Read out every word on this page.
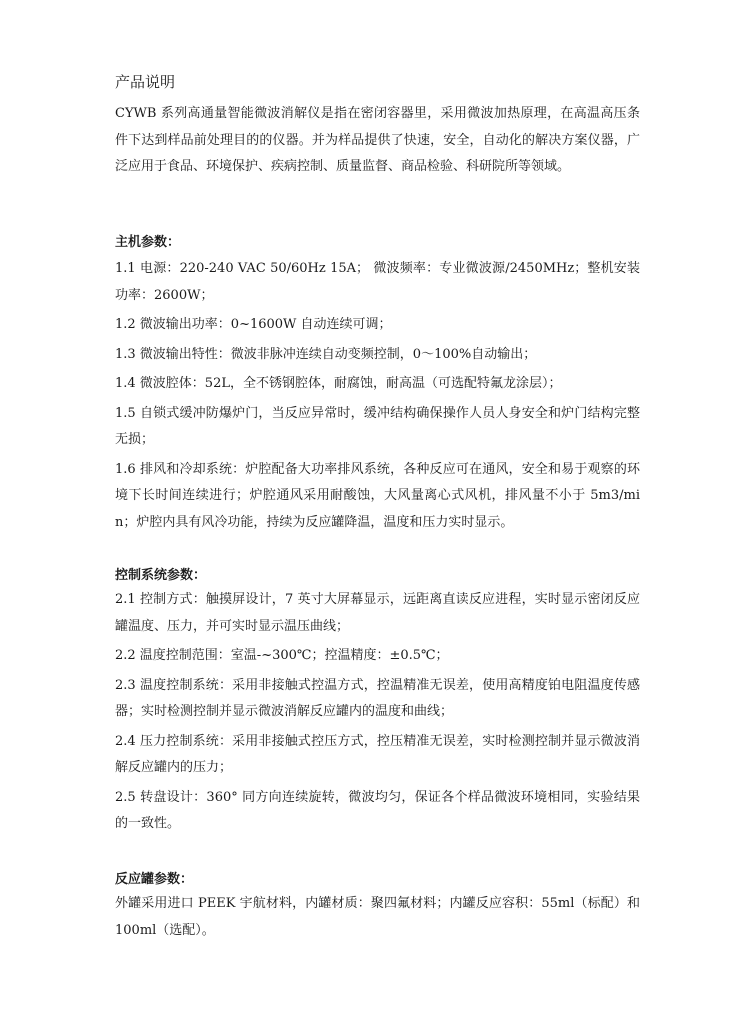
产品说明

CYWB 系列高通量智能微波消解仪是指在密闭容器里，采用微波加热原理，在高温高压条件下达到样品前处理目的的仪器。并为样品提供了快速，安全，自动化的解决方案仪器，广泛应用于食品、环境保护、疾病控制、质量监督、商品检验、科研院所等领域。

主机参数：

1.1 电源：220-240 VAC 50/60Hz 15A； 微波频率：专业微波源/2450MHz；整机安装功率：2600W；

1.2 微波输出功率：0~1600W 自动连续可调；

1.3 微波输出特性：微波非脉冲连续自动变频控制，0～100%自动输出；

1.4 微波腔体：52L，全不锈钢腔体，耐腐蚀，耐高温（可选配特氟龙涂层）；

1.5 自锁式缓冲防爆炉门，当反应异常时，缓冲结构确保操作人员人身安全和炉门结构完整无损；

1.6 排风和冷却系统：炉腔配备大功率排风系统，各种反应可在通风，安全和易于观察的环境下长时间连续进行；炉腔通风采用耐酸蚀，大风量离心式风机，排风量不小于 5m3/min；炉腔内具有风冷功能，持续为反应罐降温，温度和压力实时显示。

控制系统参数：

2.1 控制方式：触摸屏设计，7 英寸大屏幕显示，远距离直读反应进程，实时显示密闭反应罐温度、压力，并可实时显示温压曲线；

2.2 温度控制范围：室温-~300℃；控温精度：±0.5℃；

2.3 温度控制系统：采用非接触式控温方式，控温精准无误差，使用高精度铂电阻温度传感器；实时检测控制并显示微波消解反应罐内的温度和曲线；

2.4 压力控制系统：采用非接触式控压方式，控压精准无误差，实时检测控制并显示微波消解反应罐内的压力；

2.5 转盘设计：360° 同方向连续旋转，微波均匀，保证各个样品微波环境相同，实验结果的一致性。

反应罐参数：

外罐采用进口 PEEK 宇航材料，内罐材质：聚四氟材料；内罐反应容积：55ml（标配）和 100ml（选配）。
